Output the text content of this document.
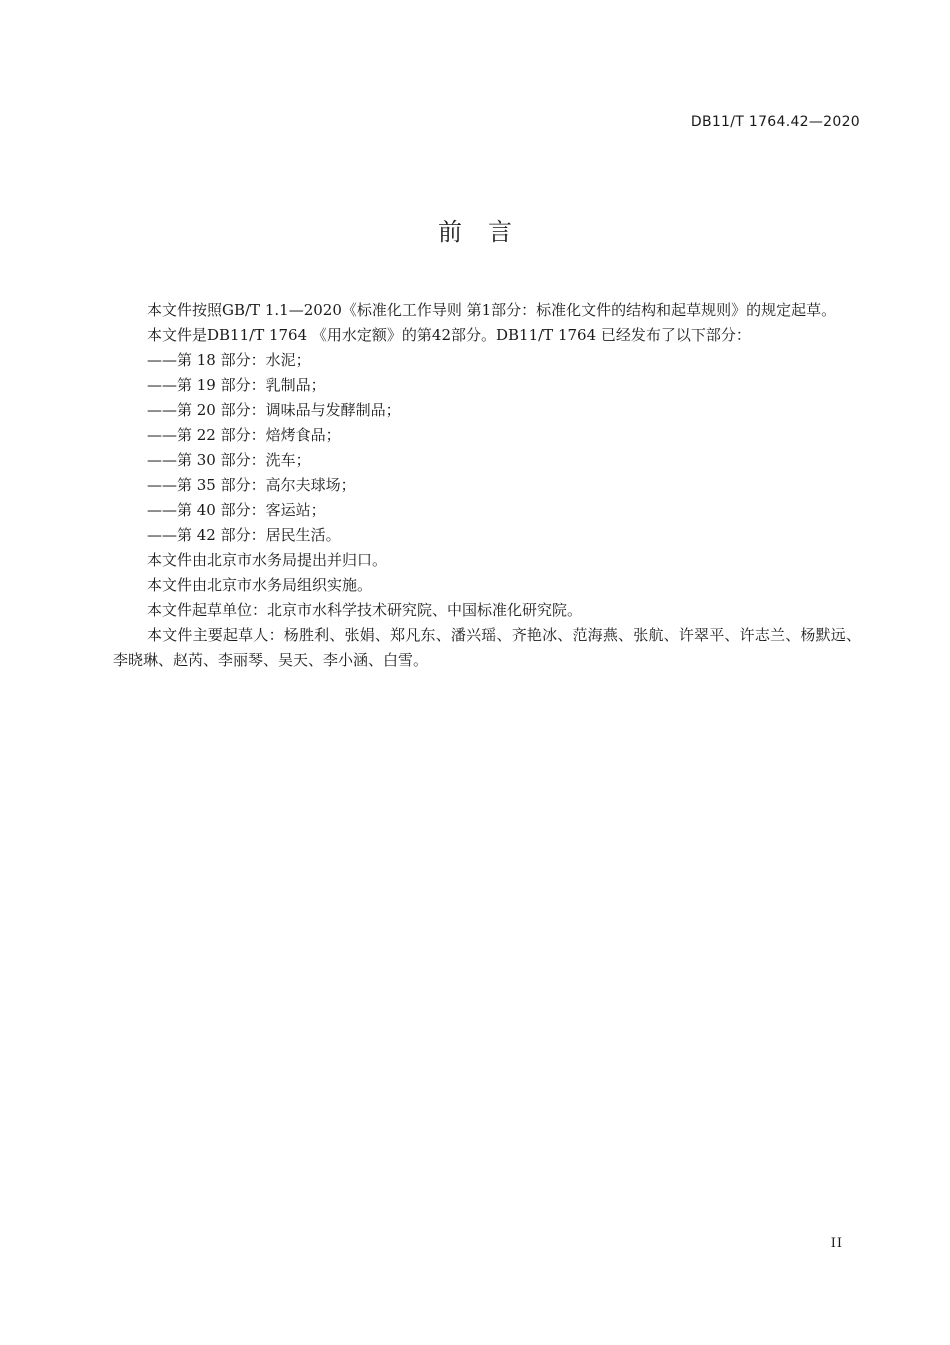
DB11/T 1764.42—2020
前言

本文件按照GB/T 1.1—2020《标准化工作导则 第1部分：标准化文件的结构和起草规则》的规定起草。

本文件是DB11/T 1764 《用水定额》的第42部分。DB11/T 1764 已经发布了以下部分：

——第 18 部分：水泥；

——第 19 部分：乳制品；

——第 20 部分：调味品与发酵制品；

——第 22 部分：焙烤食品；

——第 30 部分：洗车；

——第 35 部分：高尔夫球场；

——第 40 部分：客运站；

——第 42 部分：居民生活。

本文件由北京市水务局提出并归口。

本文件由北京市水务局组织实施。

本文件起草单位：北京市水科学技术研究院、中国标准化研究院。

本文件主要起草人：杨胜利、张娟、郑凡东、潘兴瑶、齐艳冰、范海燕、张航、许翠平、许志兰、杨默远、李晓琳、赵芮、李丽琴、吴天、李小涵、白雪。

II
